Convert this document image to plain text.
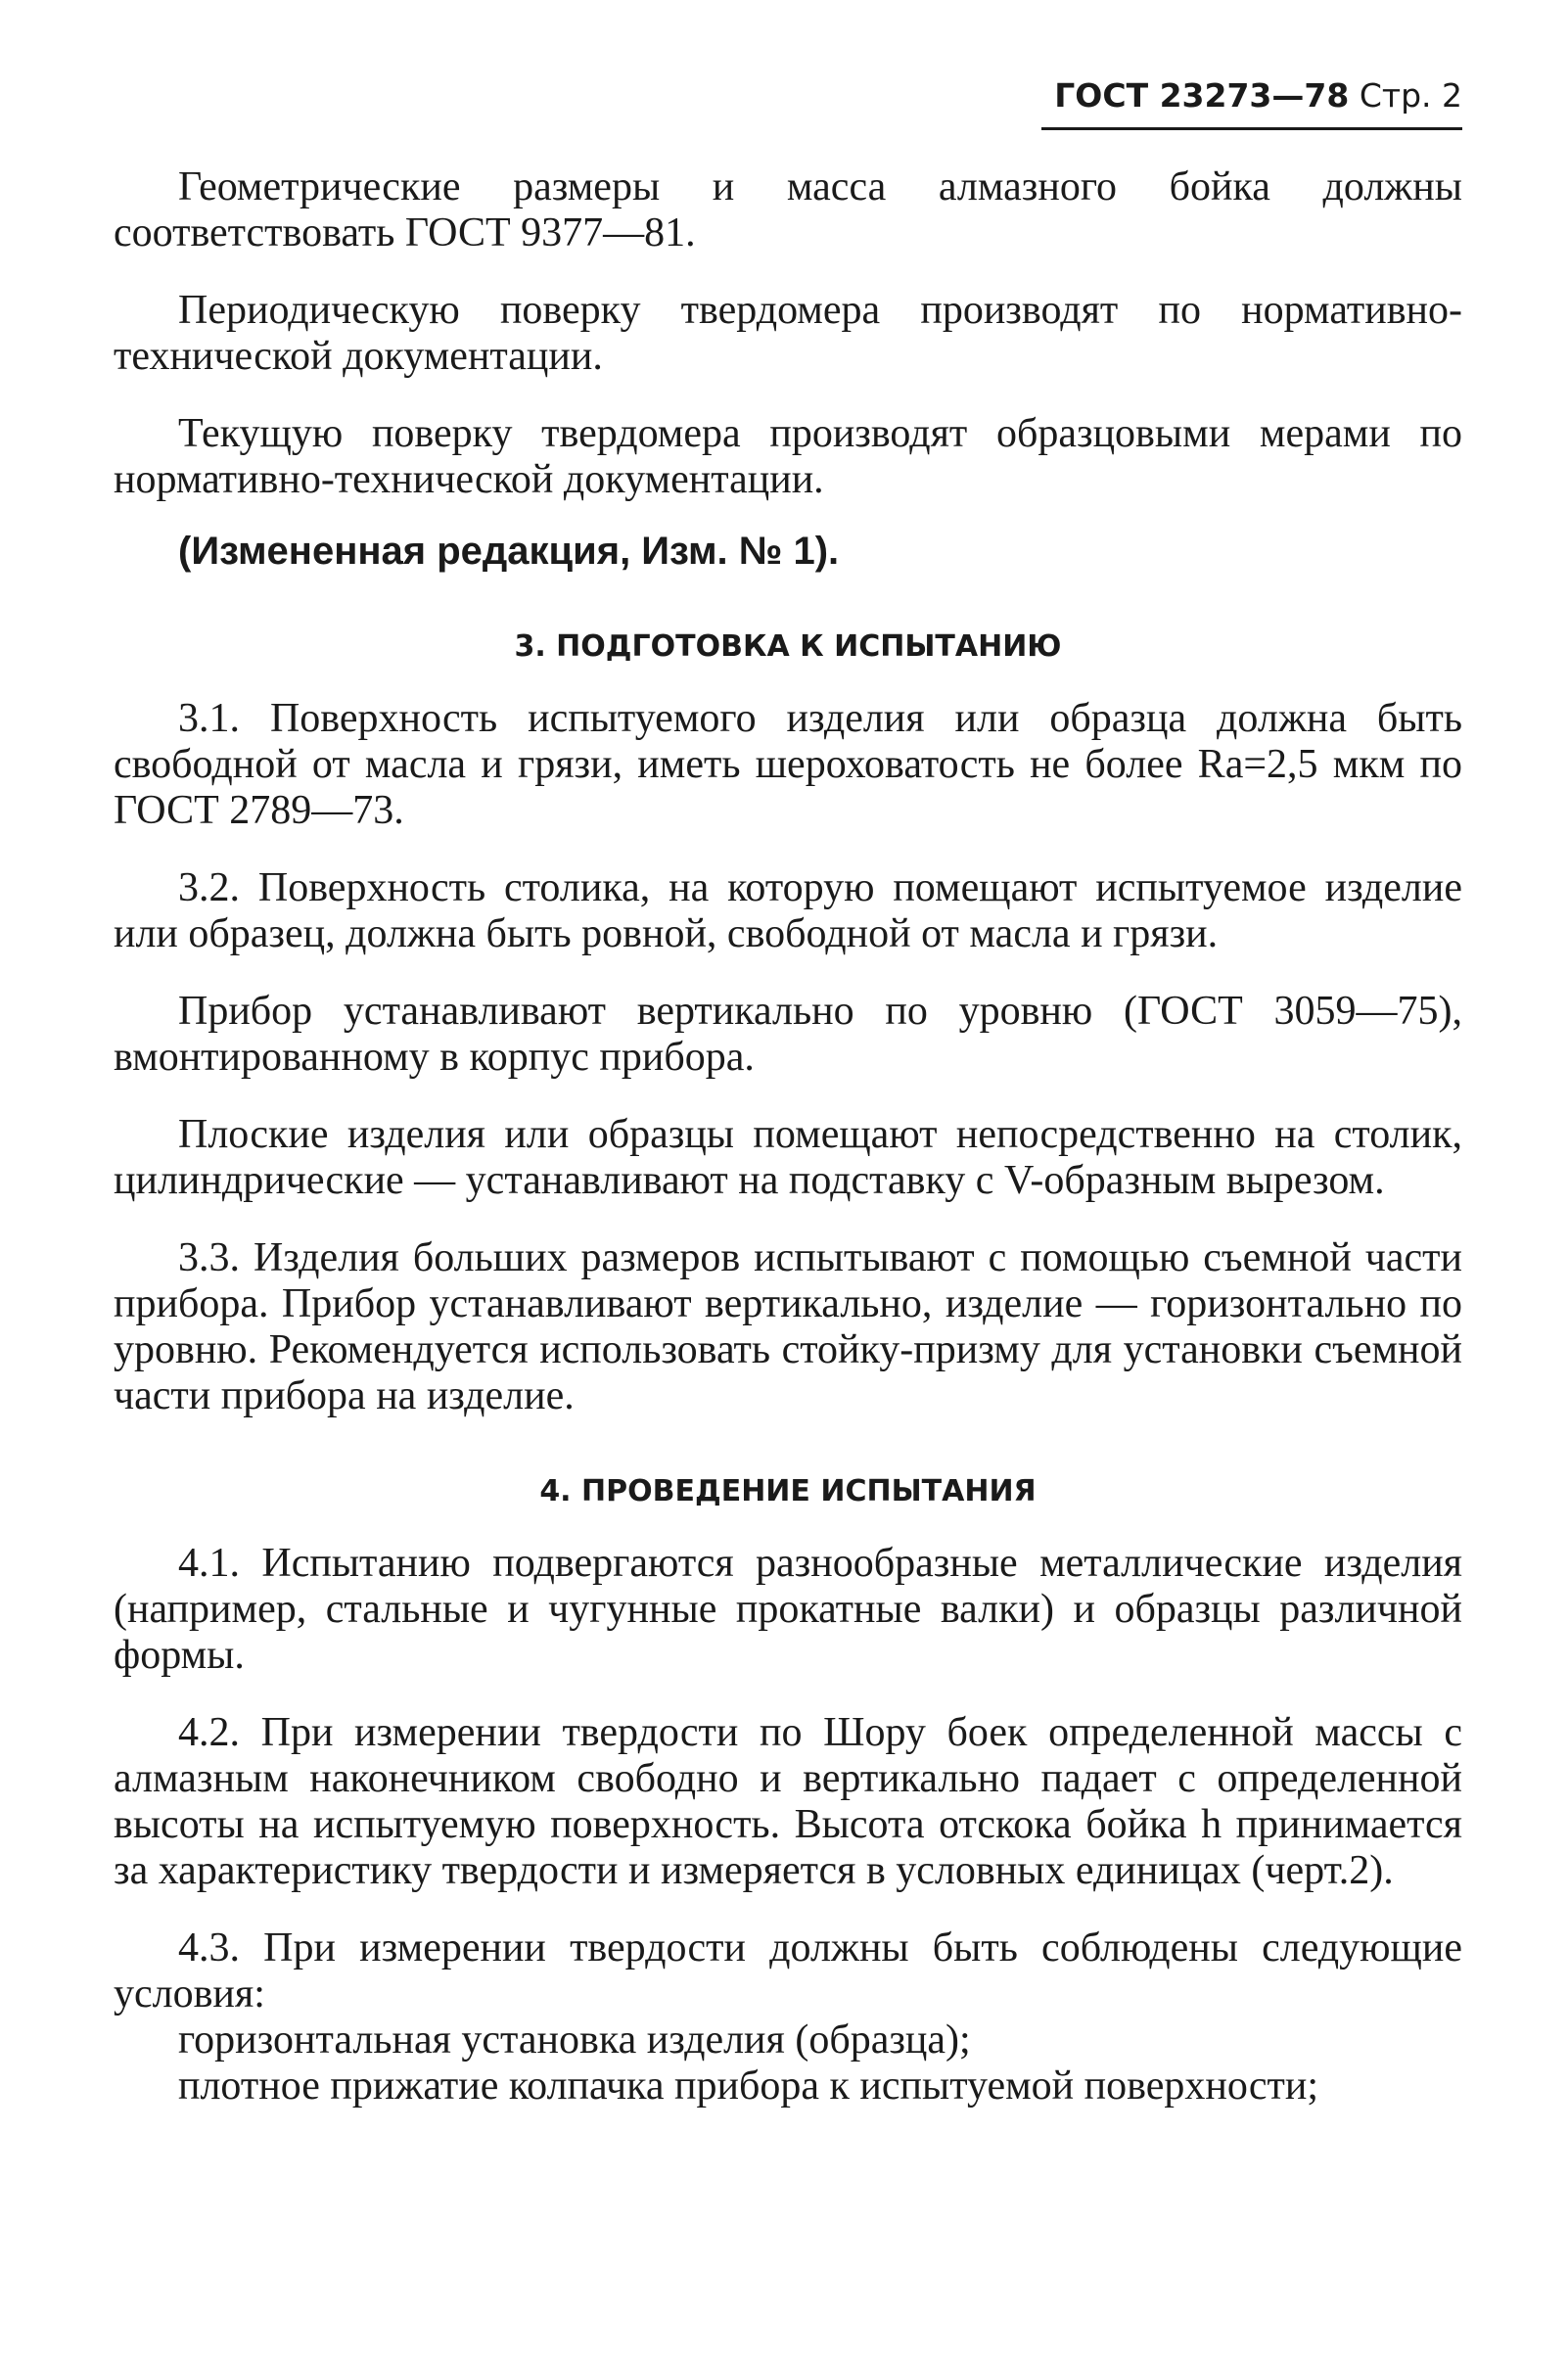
ГОСТ 23273—78 Стр. 2

Геометрические размеры и масса алмазного бойка должны соответствовать ГОСТ 9377—81.

Периодическую поверку твердомера производят по нормативно-технической документации.

Текущую поверку твердомера производят образцовыми мерами по нормативно-технической документации.

(Измененная редакция, Изм. № 1).

3. ПОДГОТОВКА К ИСПЫТАНИЮ

3.1. Поверхность испытуемого изделия или образца должна быть свободной от масла и грязи, иметь шероховатость не более Ra=2,5 мкм по ГОСТ 2789—73.

3.2. Поверхность столика, на которую помещают испытуемое изделие или образец, должна быть ровной, свободной от масла и грязи.

Прибор устанавливают вертикально по уровню (ГОСТ 3059—75), вмонтированному в корпус прибора.

Плоские изделия или образцы помещают непосредственно на столик, цилиндрические — устанавливают на подставку с V-образным вырезом.

3.3. Изделия больших размеров испытывают с помощью съемной части прибора. Прибор устанавливают вертикально, изделие — горизонтально по уровню. Рекомендуется использовать стойку-призму для установки съемной части прибора на изделие.

4. ПРОВЕДЕНИЕ ИСПЫТАНИЯ

4.1. Испытанию подвергаются разнообразные металлические изделия (например, стальные и чугунные прокатные валки) и образцы различной формы.

4.2. При измерении твердости по Шору боек определенной массы с алмазным наконечником свободно и вертикально падает с определенной высоты на испытуемую поверхность. Высота отскока бойка h принимается за характеристику твердости и измеряется в условных единицах (черт.2).

4.3. При измерении твердости должны быть соблюдены следующие условия:

горизонтальная установка изделия (образца);

плотное прижатие колпачка прибора к испытуемой поверхности;
